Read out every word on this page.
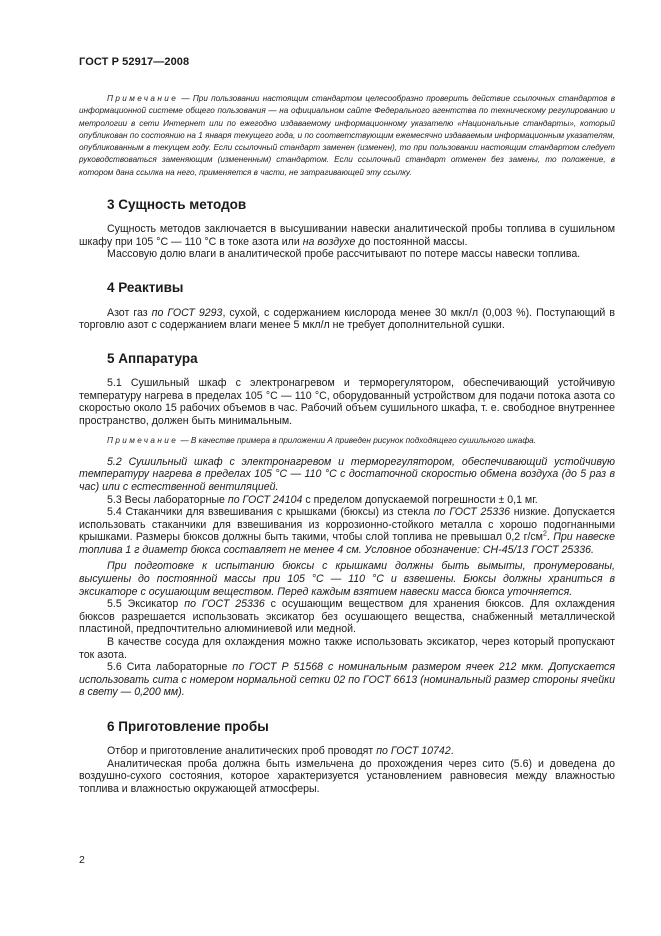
ГОСТ Р 52917—2008

Примечание — При пользовании настоящим стандартом целесообразно проверить действие ссылочных стандартов в информационной системе общего пользования — на официальном сайте Федерального агентства по техническому регулированию и метрологии в сети Интернет или по ежегодно издаваемому информационному указателю «Национальные стандарты», который опубликован по состоянию на 1 января текущего года, и по соответствующим ежемесячно издаваемым информационным указателям, опубликованным в текущем году. Если ссылочный стандарт заменен (изменен), то при пользовании настоящим стандартом следует руководствоваться заменяющим (измененным) стандартом. Если ссылочный стандарт отменен без замены, то положение, в котором дана ссылка на него, применяется в части, не затрагивающей эту ссылку.

3 Сущность методов

Сущность методов заключается в высушивании навески аналитической пробы топлива в сушильном шкафу при 105 °С — 110 °С в токе азота или на воздухе до постоянной массы.

Массовую долю влаги в аналитической пробе рассчитывают по потере массы навески топлива.

4 Реактивы

Азот газ по ГОСТ 9293, сухой, с содержанием кислорода менее 30 мкл/л (0,003 %). Поступающий в торговлю азот с содержанием влаги менее 5 мкл/л не требует дополнительной сушки.

5 Аппаратура

5.1 Сушильный шкаф с электронагревом и терморегулятором, обеспечивающий устойчивую температуру нагрева в пределах 105 °С — 110 °С, оборудованный устройством для подачи потока азота со скоростью около 15 рабочих объемов в час. Рабочий объем сушильного шкафа, т. е. свободное внутреннее пространство, должен быть минимальным.

Примечание — В качестве примера в приложении А приведен рисунок подходящего сушильного шкафа.

5.2 Сушильный шкаф с электронагревом и терморегулятором, обеспечивающий устойчивую температуру нагрева в пределах 105 °С — 110 °С с достаточной скоростью обмена воздуха (до 5 раз в час) или с естественной вентиляцией.

5.3 Весы лабораторные по ГОСТ 24104 с пределом допускаемой погрешности ± 0,1 мг.

5.4 Стаканчики для взвешивания с крышками (бюксы) из стекла по ГОСТ 25336 низкие. Допускается использовать стаканчики для взвешивания из коррозионно-стойкого металла с хорошо подогнанными крышками. Размеры бюксов должны быть такими, чтобы слой топлива не превышал 0,2 $г/см^2$. При навеске топлива 1 г диаметр бюкса составляет не менее 4 см. Условное обозначение: СН-45/13 ГОСТ 25336.

При подготовке к испытанию бюксы с крышками должны быть вымыты, пронумерованы, высушены до постоянной массы при 105 °С — 110 °С и взвешены. Бюксы должны храниться в эксикаторе с осушающим веществом. Перед каждым взятием навески масса бюкса уточняется.

5.5 Эксикатор по ГОСТ 25336 с осушающим веществом для хранения бюксов. Для охлаждения бюксов разрешается использовать эксикатор без осушающего вещества, снабженный металлической пластиной, предпочтительно алюминиевой или медной.

В качестве сосуда для охлаждения можно также использовать эксикатор, через который пропускают ток азота.

5.6 Сита лабораторные по ГОСТ Р 51568 с номинальным размером ячеек 212 мкм. Допускается использовать сита с номером нормальной сетки 02 по ГОСТ 6613 (номинальный размер стороны ячейки в свету — 0,200 мм).

6 Приготовление пробы

Отбор и приготовление аналитических проб проводят по ГОСТ 10742.

Аналитическая проба должна быть измельчена до прохождения через сито (5.6) и доведена до воздушно-сухого состояния, которое характеризуется установлением равновесия между влажностью топлива и влажностью окружающей атмосферы.

2
